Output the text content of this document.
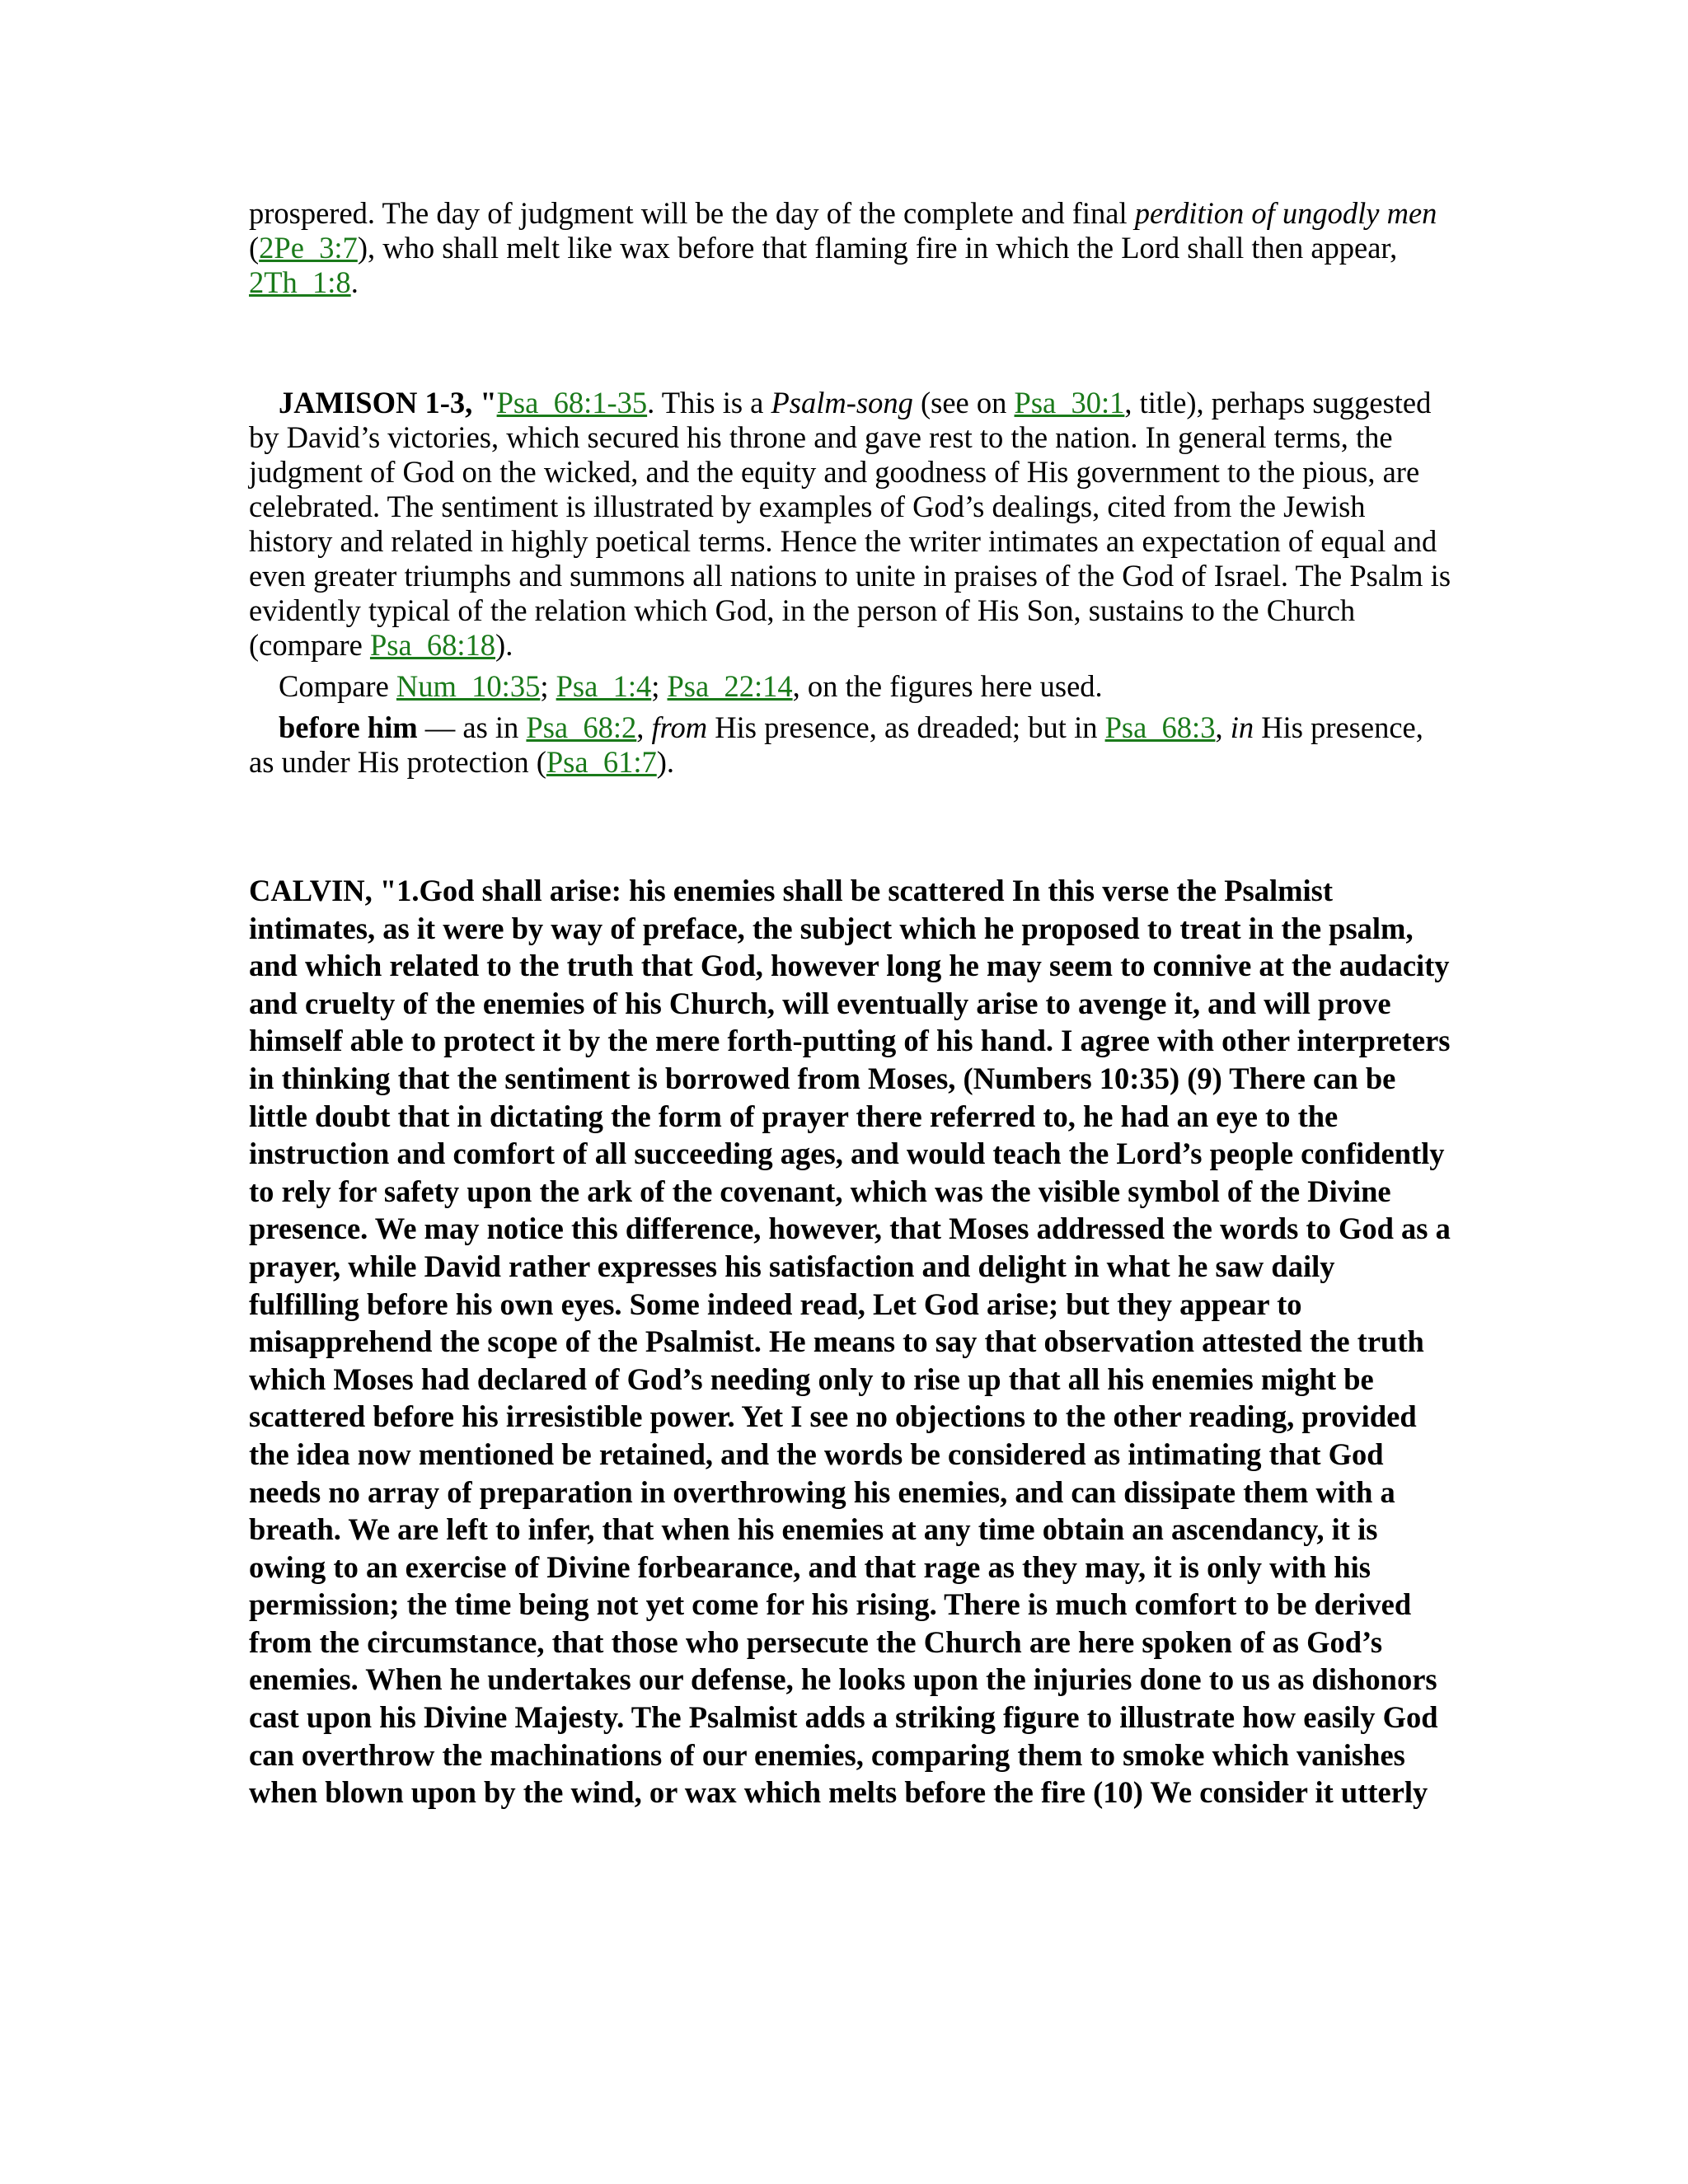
prospered. The day of judgment will be the day of the complete and final perdition of ungodly men (2Pe_3:7), who shall melt like wax before that flaming fire in which the Lord shall then appear, 2Th_1:8.

JAMISON 1-3, "Psa_68:1-35. This is a Psalm-song (see on Psa_30:1, title), perhaps suggested by David’s victories, which secured his throne and gave rest to the nation. In general terms, the judgment of God on the wicked, and the equity and goodness of His government to the pious, are celebrated. The sentiment is illustrated by examples of God’s dealings, cited from the Jewish history and related in highly poetical terms. Hence the writer intimates an expectation of equal and even greater triumphs and summons all nations to unite in praises of the God of Israel. The Psalm is evidently typical of the relation which God, in the person of His Son, sustains to the Church (compare Psa_68:18).

Compare Num_10:35; Psa_1:4; Psa_22:14, on the figures here used.

before him — as in Psa_68:2, from His presence, as dreaded; but in Psa_68:3, in His presence, as under His protection (Psa_61:7).

CALVIN, "1.God shall arise: his enemies shall be scattered In this verse the Psalmist intimates, as it were by way of preface, the subject which he proposed to treat in the psalm, and which related to the truth that God, however long he may seem to connive at the audacity and cruelty of the enemies of his Church, will eventually arise to avenge it, and will prove himself able to protect it by the mere forth-putting of his hand. I agree with other interpreters in thinking that the sentiment is borrowed from Moses, (Numbers 10:35) (9) There can be little doubt that in dictating the form of prayer there referred to, he had an eye to the instruction and comfort of all succeeding ages, and would teach the Lord’s people confidently to rely for safety upon the ark of the covenant, which was the visible symbol of the Divine presence. We may notice this difference, however, that Moses addressed the words to God as a prayer, while David rather expresses his satisfaction and delight in what he saw daily fulfilling before his own eyes. Some indeed read, Let God arise; but they appear to misapprehend the scope of the Psalmist. He means to say that observation attested the truth which Moses had declared of God’s needing only to rise up that all his enemies might be scattered before his irresistible power. Yet I see no objections to the other reading, provided the idea now mentioned be retained, and the words be considered as intimating that God needs no array of preparation in overthrowing his enemies, and can dissipate them with a breath. We are left to infer, that when his enemies at any time obtain an ascendancy, it is owing to an exercise of Divine forbearance, and that rage as they may, it is only with his permission; the time being not yet come for his rising. There is much comfort to be derived from the circumstance, that those who persecute the Church are here spoken of as God’s enemies. When he undertakes our defense, he looks upon the injuries done to us as dishonors cast upon his Divine Majesty. The Psalmist adds a striking figure to illustrate how easily God can overthrow the machinations of our enemies, comparing them to smoke which vanishes when blown upon by the wind, or wax which melts before the fire (10) We consider it utterly
